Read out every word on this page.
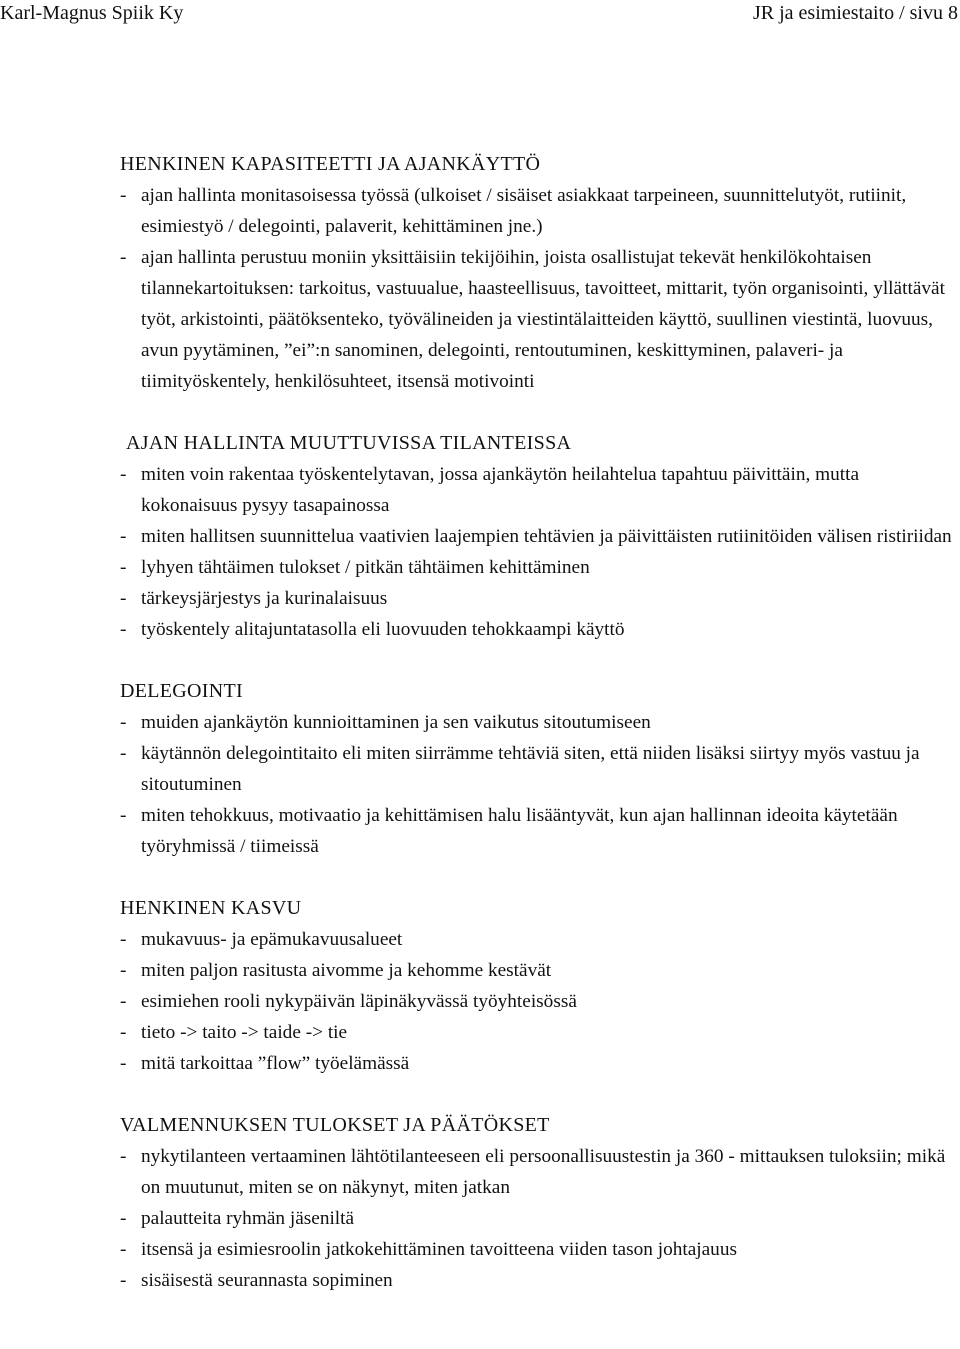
Karl-Magnus Spiik Ky	JR ja esimiestaito / sivu 8
HENKINEN KAPASITEETTI JA AJANKÄYTTÖ
- ajan hallinta monitasoisessa työssä (ulkoiset / sisäiset asiakkaat tarpeineen, suunnittelutyöt, rutiinit, esimiestyö / delegointi, palaverit, kehittäminen jne.)
- ajan hallinta perustuu moniin yksittäisiin tekijöihin, joista osallistujat tekevät henkilökohtaisen tilannekartoituksen: tarkoitus, vastuualue, haasteellisuus, tavoitteet, mittarit, työn organisointi, yllättävät työt, arkistointi, päätöksenteko, työvälineiden ja viestintälaitteiden käyttö, suullinen viestintä, luovuus, avun pyytäminen, ”ei”:n sanominen, delegointi, rentoutuminen, keskittyminen, palaveri- ja tiimityöskentely, henkilösuhteet, itsensä motivointi
AJAN HALLINTA MUUTTUVISSA TILANTEISSA
- miten voin rakentaa työskentelytavan, jossa ajankäytön heilahtelua tapahtuu päivittäin, mutta kokonaisuus pysyy tasapainossa
- miten hallitsen suunnittelua vaativien laajempien tehtävien ja päivittäisten rutiinitöiden välisen ristiriidan
- lyhyen tähtäimen tulokset / pitkän tähtäimen kehittäminen
- tärkeysjärjestys ja kurinalaisuus
- työskentely alitajuntatasolla eli luovuuden tehokkaampi käyttö
DELEGOINTI
- muiden ajankäytön kunnioittaminen ja sen vaikutus sitoutumiseen
- käytännön delegointitaito eli miten siirrämme tehtäviä siten, että niiden lisäksi siirtyy myös vastuu ja sitoutuminen
- miten tehokkuus, motivaatio ja kehittämisen halu lisääntyvät, kun ajan hallinnan ideoita käytetään työryhmissä / tiimeissä
HENKINEN KASVU
- mukavuus- ja epämukavuusalueet
- miten paljon rasitusta aivomme ja kehomme kestävät
- esimiehen rooli nykypäivän läpinäkyvässä työyhteisössä
- tieto -> taito -> taide -> tie
- mitä tarkoittaa ”flow” työelämässä
VALMENNUKSEN TULOKSET JA PÄÄTÖKSET
- nykytilanteen vertaaminen lähtötilanteeseen eli persoonallisuustestin ja 360 - mittauksen tuloksiin; mikä on muutunut, miten se on näkynyt, miten jatkan
- palautteita ryhmän jäseniltä
- itsensä ja esimiesroolin jatkokehittäminen tavoitteena viiden tason johtajauus
- sisäisestä seurannasta sopiminen
